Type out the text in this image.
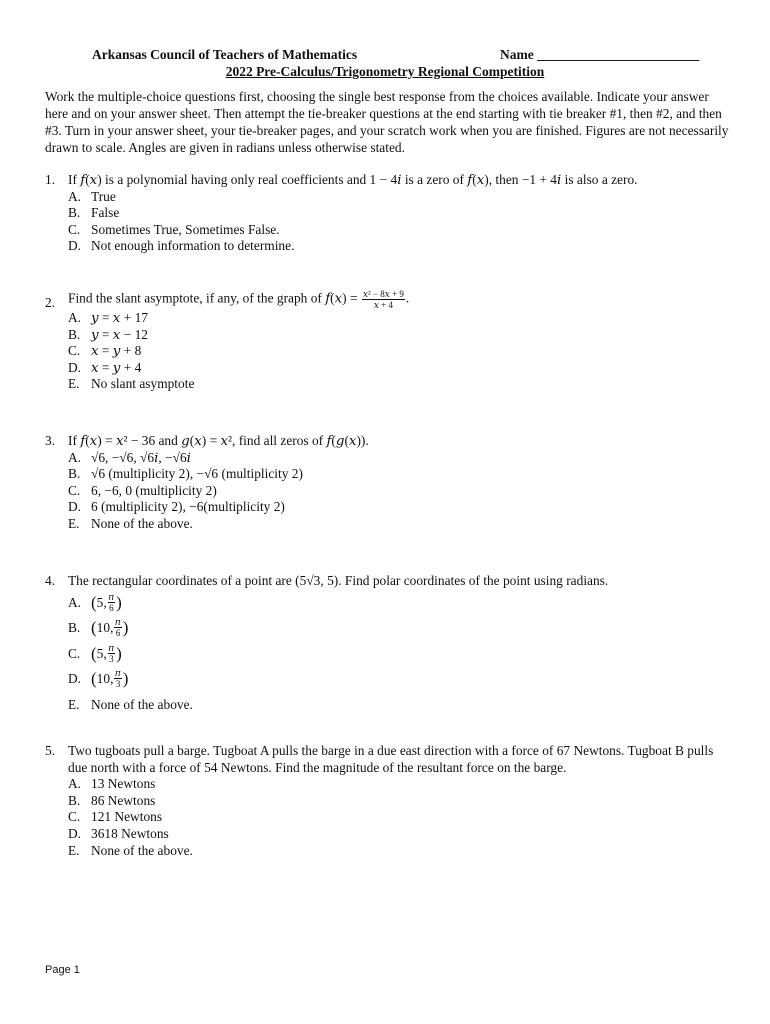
Arkansas Council of Teachers of Mathematics	Name ________________________
2022 Pre-Calculus/Trigonometry Regional Competition
Work the multiple-choice questions first, choosing the single best response from the choices available. Indicate your answer here and on your answer sheet. Then attempt the tie-breaker questions at the end starting with tie breaker #1, then #2, and then #3. Turn in your answer sheet, your tie-breaker pages, and your scratch work when you are finished. Figures are not necessarily drawn to scale. Angles are given in radians unless otherwise stated.
1. If 𝑓(𝑥) is a polynomial having only real coefficients and 1 − 4𝑖 is a zero of 𝑓(𝑥), then −1 + 4𝑖 is also a zero.
A. True
B. False
C. Sometimes True, Sometimes False.
D. Not enough information to determine.
2. Find the slant asymptote, if any, of the graph of 𝑓(𝑥) = $\frac{\text{𝑥² − 8𝑥 + 9}}{\text{𝑥 + 4}}$ .
A. 𝑦 = 𝑥 + 17
B. 𝑦 = 𝑥 − 12
C. 𝑥 = 𝑦 + 8
D. 𝑥 = 𝑦 + 4
E. No slant asymptote
3. If 𝑓(𝑥) = 𝑥² − 36 and 𝑔(𝑥) = 𝑥², find all zeros of 𝑓(𝑔(𝑥)).
A. √6, −√6, √6𝑖, −√6𝑖
B. √6 (multiplicity 2), −√6 (multiplicity 2)
C. 6, −6, 0 (multiplicity 2)
D. 6 (multiplicity 2), −6(multiplicity 2)
E. None of the above.
4. The rectangular coordinates of a point are (5√3, 5). Find polar coordinates of the point using radians.
A. ( 5 , $\frac{\text{𝜋}}{6}$ )
B. ( 10 , $\frac{\text{𝜋}}{6}$ )
C. ( 5 , $\frac{\text{𝜋}}{3}$ )
D. ( 10 , $\frac{\text{𝜋}}{3}$ )
E. None of the above.
5. Two tugboats pull a barge. Tugboat A pulls the barge in a due east direction with a force of 67 Newtons. Tugboat B pulls due north with a force of 54 Newtons. Find the magnitude of the resultant force on the barge.
A. 13 Newtons
B. 86 Newtons
C. 121 Newtons
D. 3618 Newtons
E. None of the above.
Page 1
